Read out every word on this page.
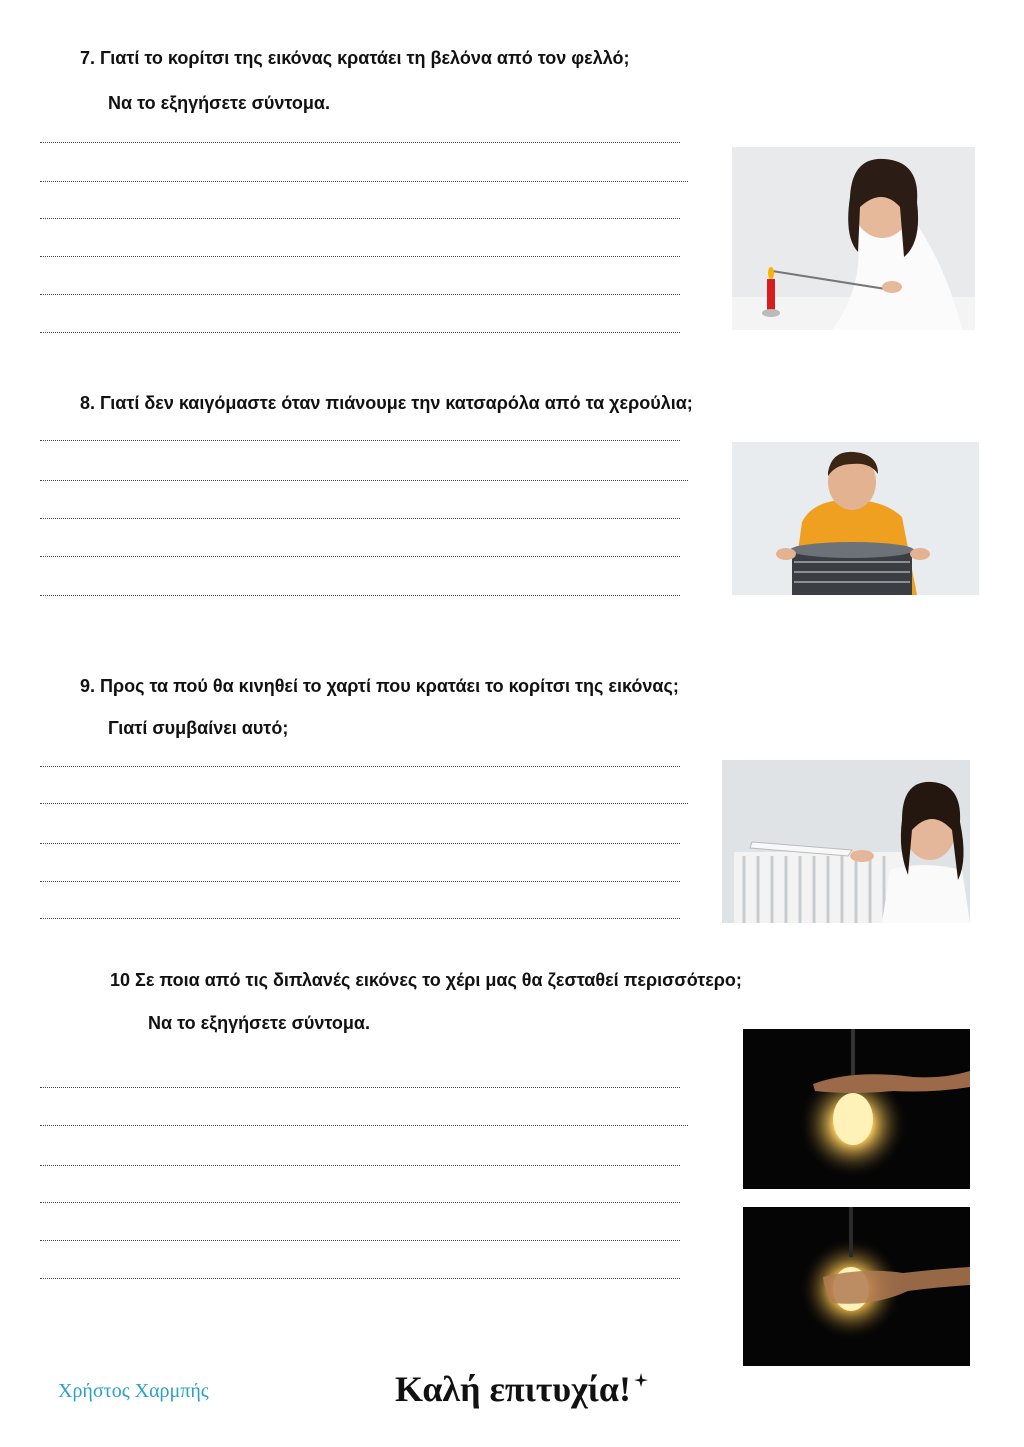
7. Γιατί το κορίτσι της εικόνας κρατάει τη βελόνα από τον φελλό;
Να το εξηγήσετε σύντομα.
8. Γιατί δεν καιγόμαστε όταν πιάνουμε την κατσαρόλα από τα χερούλια;
9. Προς τα πού θα κινηθεί το χαρτί που κρατάει το κορίτσι της εικόνας;
Γιατί συμβαίνει αυτό;
10 Σε ποια από τις διπλανές εικόνες το χέρι μας θα ζεσταθεί περισσότερο;
Να το εξηγήσετε σύντομα.
Χρήστος Χαρμπής	Καλή επιτυχία!
